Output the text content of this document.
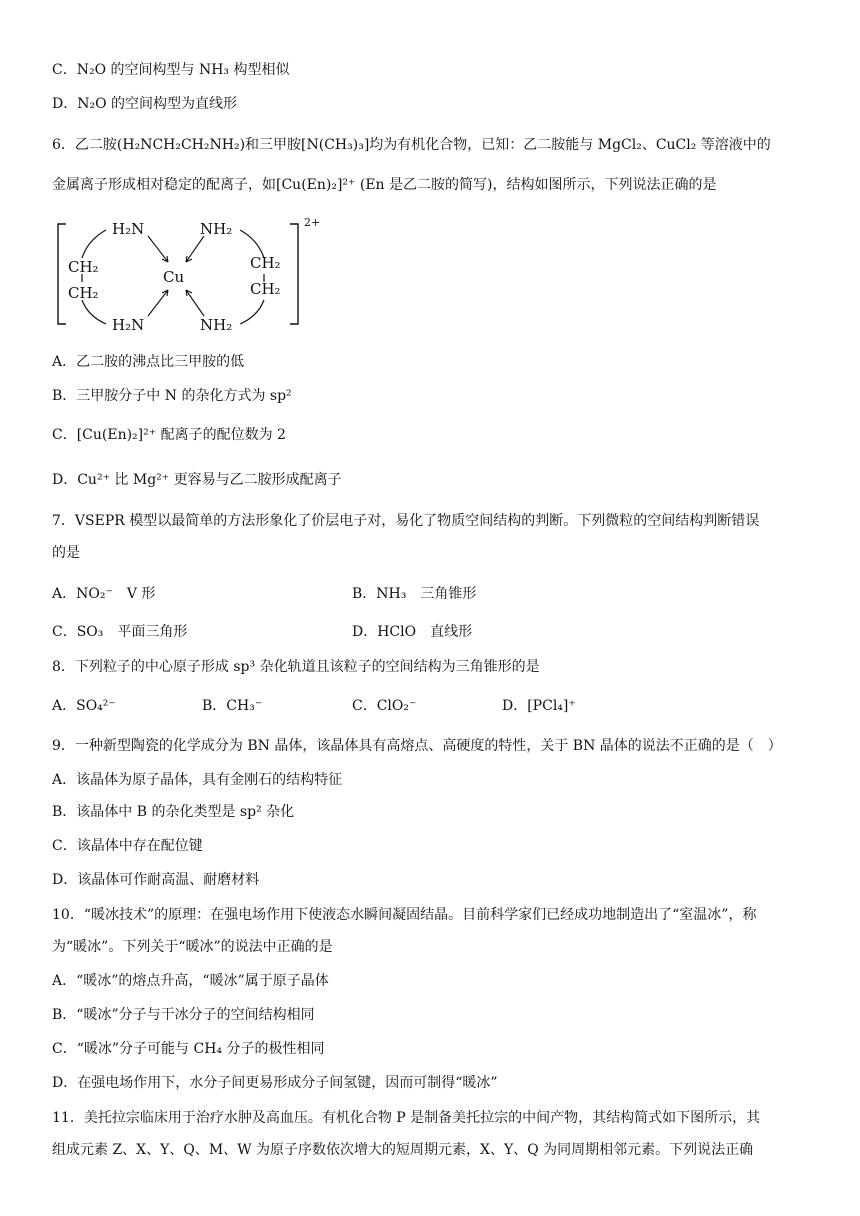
C．N₂O 的空间构型与 NH₃ 构型相似
D．N₂O 的空间构型为直线形
6．乙二胺(H₂NCH₂CH₂NH₂)和三甲胺[N(CH₃)₃]均为有机化合物，已知：乙二胺能与 MgCl₂、CuCl₂ 等溶液中的
金属离子形成相对稳定的配离子，如[Cu(En)₂]²⁺ (En 是乙二胺的简写)，结构如图所示，下列说法正确的是
H₂N	NH₂
H₂N	NH₂
Cu
CH₂
CH₂
CH₂
CH₂
2+
A．乙二胺的沸点比三甲胺的低
B．三甲胺分子中 N 的杂化方式为 sp²
C．[Cu(En)₂]²⁺ 配离子的配位数为 2
D．Cu²⁺ 比 Mg²⁺ 更容易与乙二胺形成配离子
7．VSEPR 模型以最简单的方法形象化了价层电子对，易化了物质空间结构的判断。下列微粒的空间结构判断错误
的是
A．NO₂⁻　V 形	B．NH₃　三角锥形
C．SO₃　平面三角形	D．HClO　直线形
8．下列粒子的中心原子形成 sp³ 杂化轨道且该粒子的空间结构为三角锥形的是
A．SO₄²⁻	B．CH₃⁻	C．ClO₂⁻	D．[PCl₄]⁺
9．一种新型陶瓷的化学成分为 BN 晶体，该晶体具有高熔点、高硬度的特性，关于 BN 晶体的说法不正确的是（　）
A．该晶体为原子晶体，具有金刚石的结构特征
B．该晶体中 B 的杂化类型是 sp² 杂化
C．该晶体中存在配位键
D．该晶体可作耐高温、耐磨材料
10．“暖冰技术”的原理：在强电场作用下使液态水瞬间凝固结晶。目前科学家们已经成功地制造出了“室温冰”，称
为“暖冰”。下列关于“暖冰”的说法中正确的是
A．“暖冰”的熔点升高，“暖冰”属于原子晶体
B．“暖冰”分子与干冰分子的空间结构相同
C．“暖冰”分子可能与 CH₄ 分子的极性相同
D．在强电场作用下，水分子间更易形成分子间氢键，因而可制得“暖冰”
11．美托拉宗临床用于治疗水肿及高血压。有机化合物 P 是制备美托拉宗的中间产物，其结构简式如下图所示，其
组成元素 Z、X、Y、Q、M、W 为原子序数依次增大的短周期元素，X、Y、Q 为同周期相邻元素。下列说法正确
